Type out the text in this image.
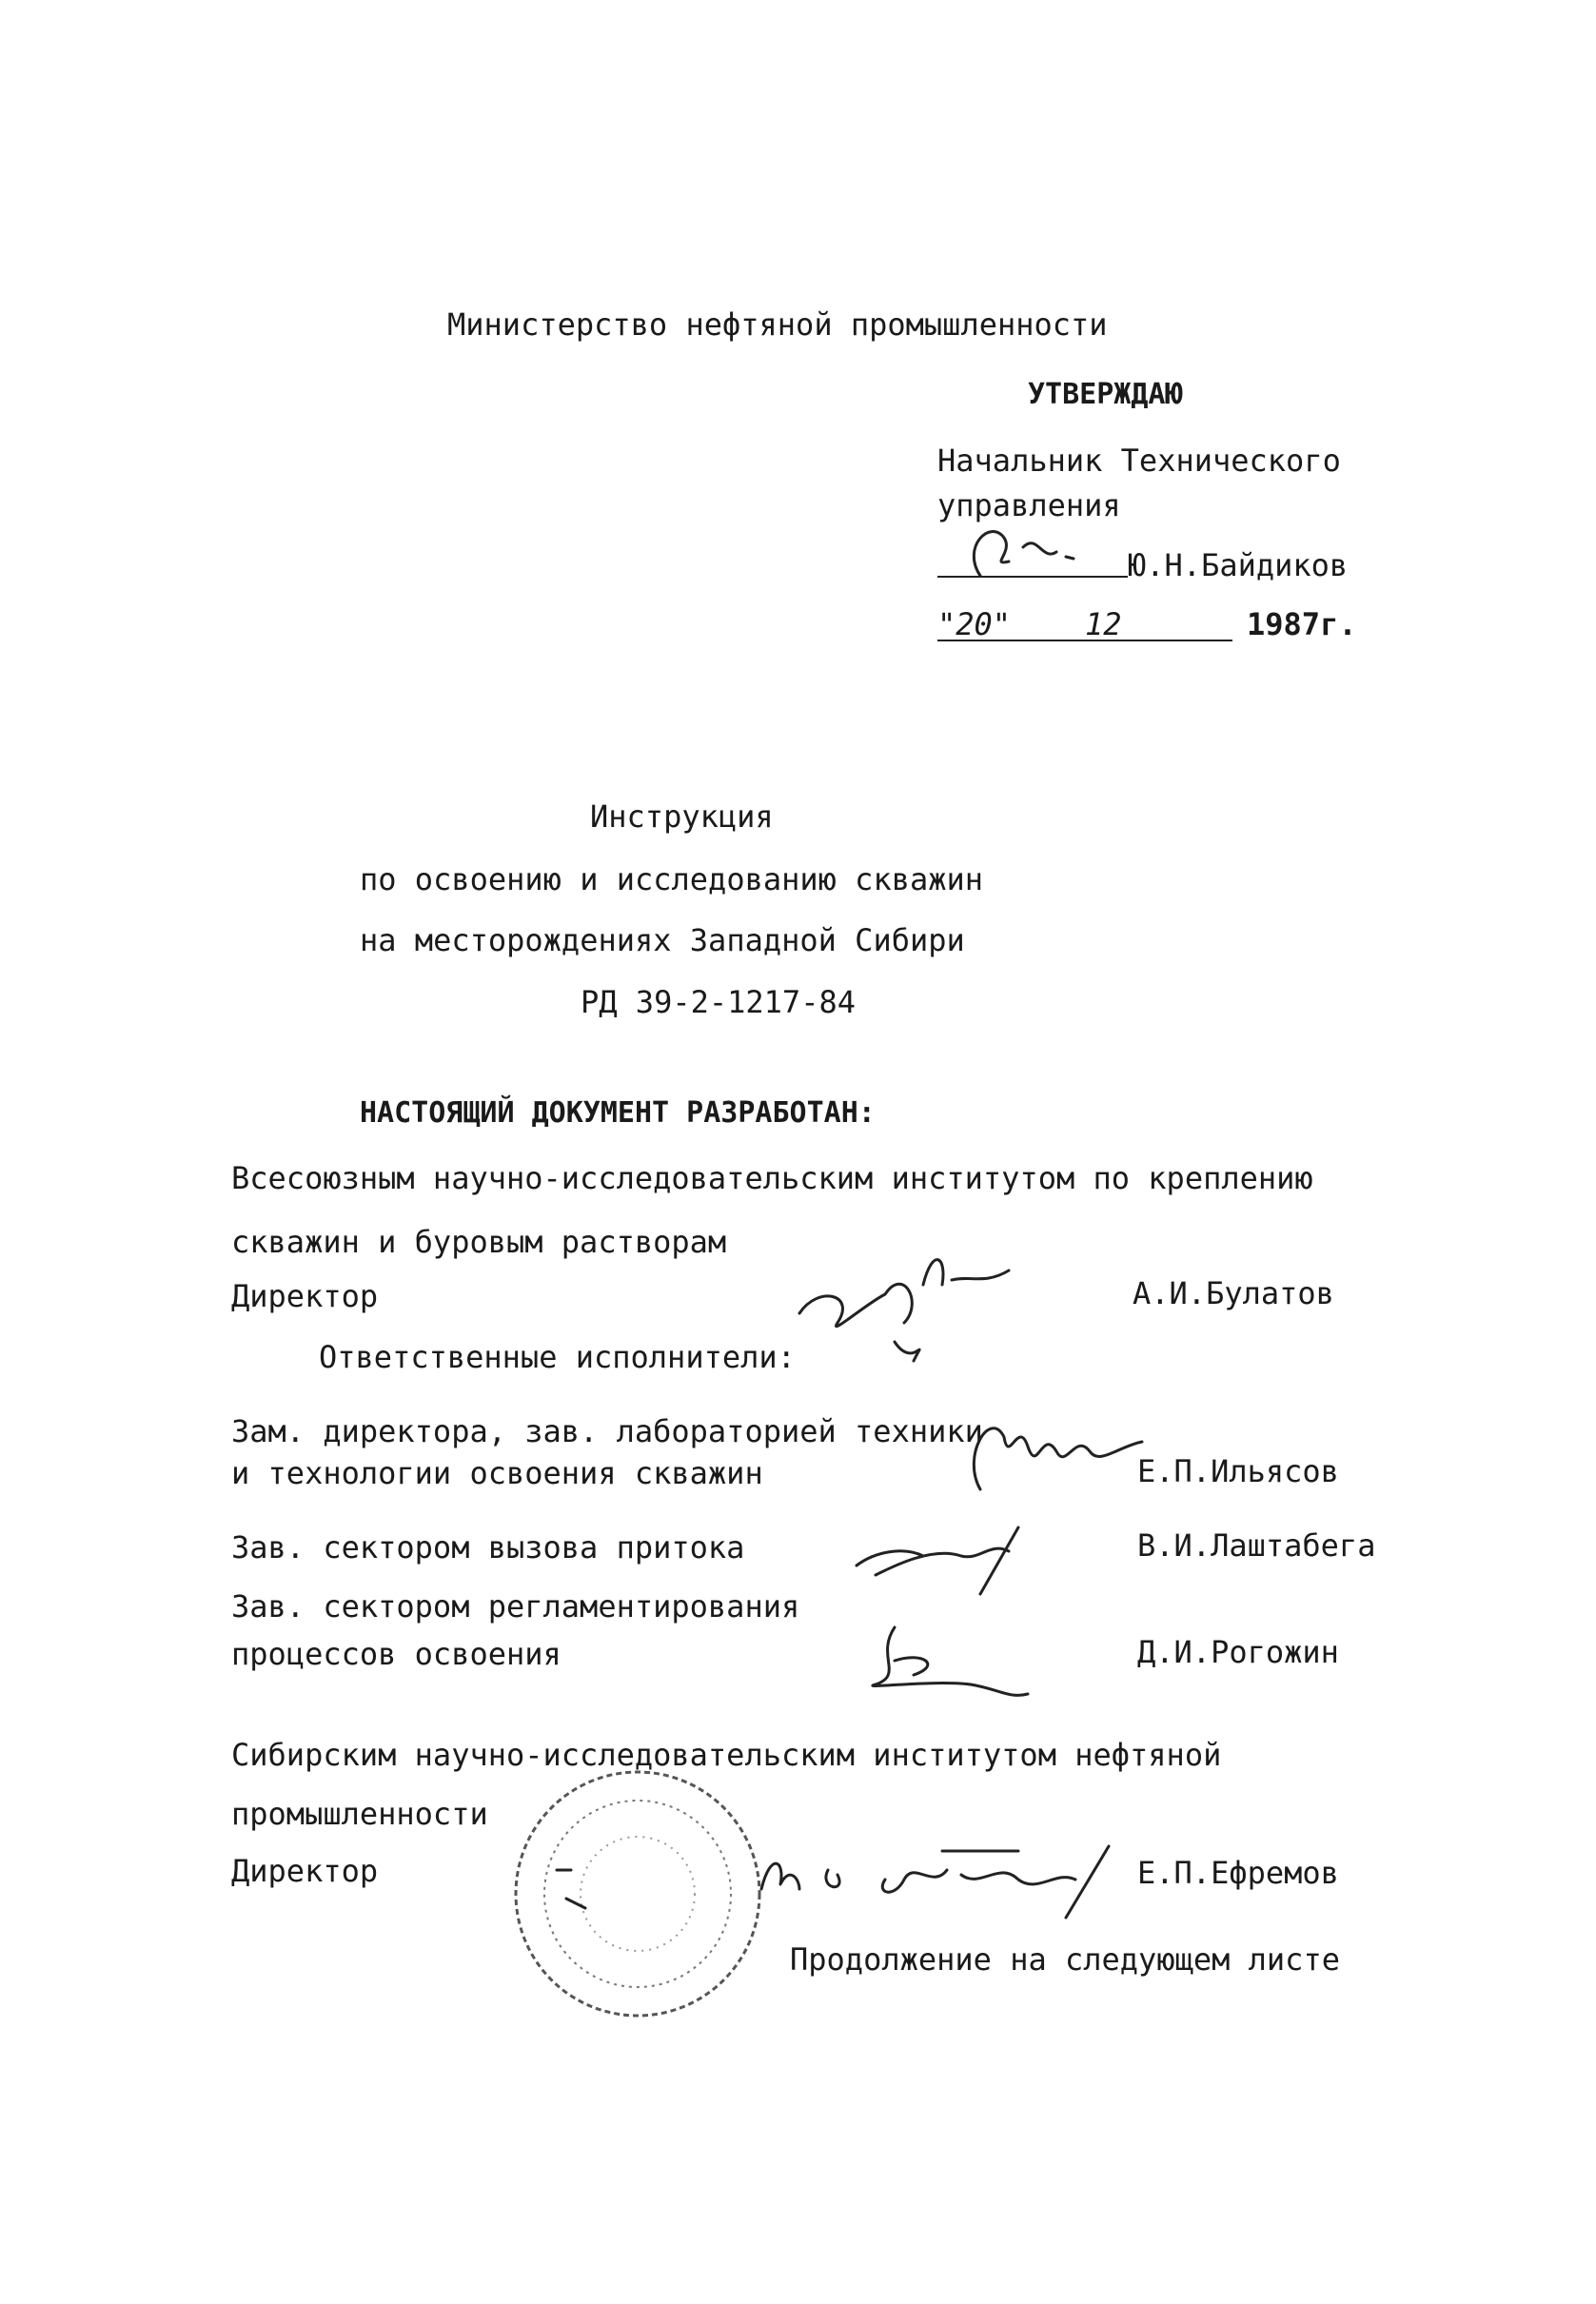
Министерство нефтяной промышленности
УТВЕРЖДАЮ
Начальник Технического
управления
Ю.Н.Байдиков
"20" 12	1987г.
Инструкция
по освоению и исследованию скважин
на месторождениях Западной Сибири
РД 39-2-1217-84
НАСТОЯЩИЙ ДОКУМЕНТ РАЗРАБОТАН:
Всесоюзным научно-исследовательским институтом по креплению
скважин и буровым растворам
Директор	А.И.Булатов
Ответственные исполнители:
Зам. директора, зав. лабораторией техники
и технологии освоения скважин	Е.П.Ильясов
Зав. сектором вызова притока	В.И.Лаштабега
Зав. сектором регламентирования
процессов освоения	Д.И.Рогожин
Сибирским научно-исследовательским институтом нефтяной
промышленности
Директор	Е.П.Ефремов
Продолжение на следующем листе
